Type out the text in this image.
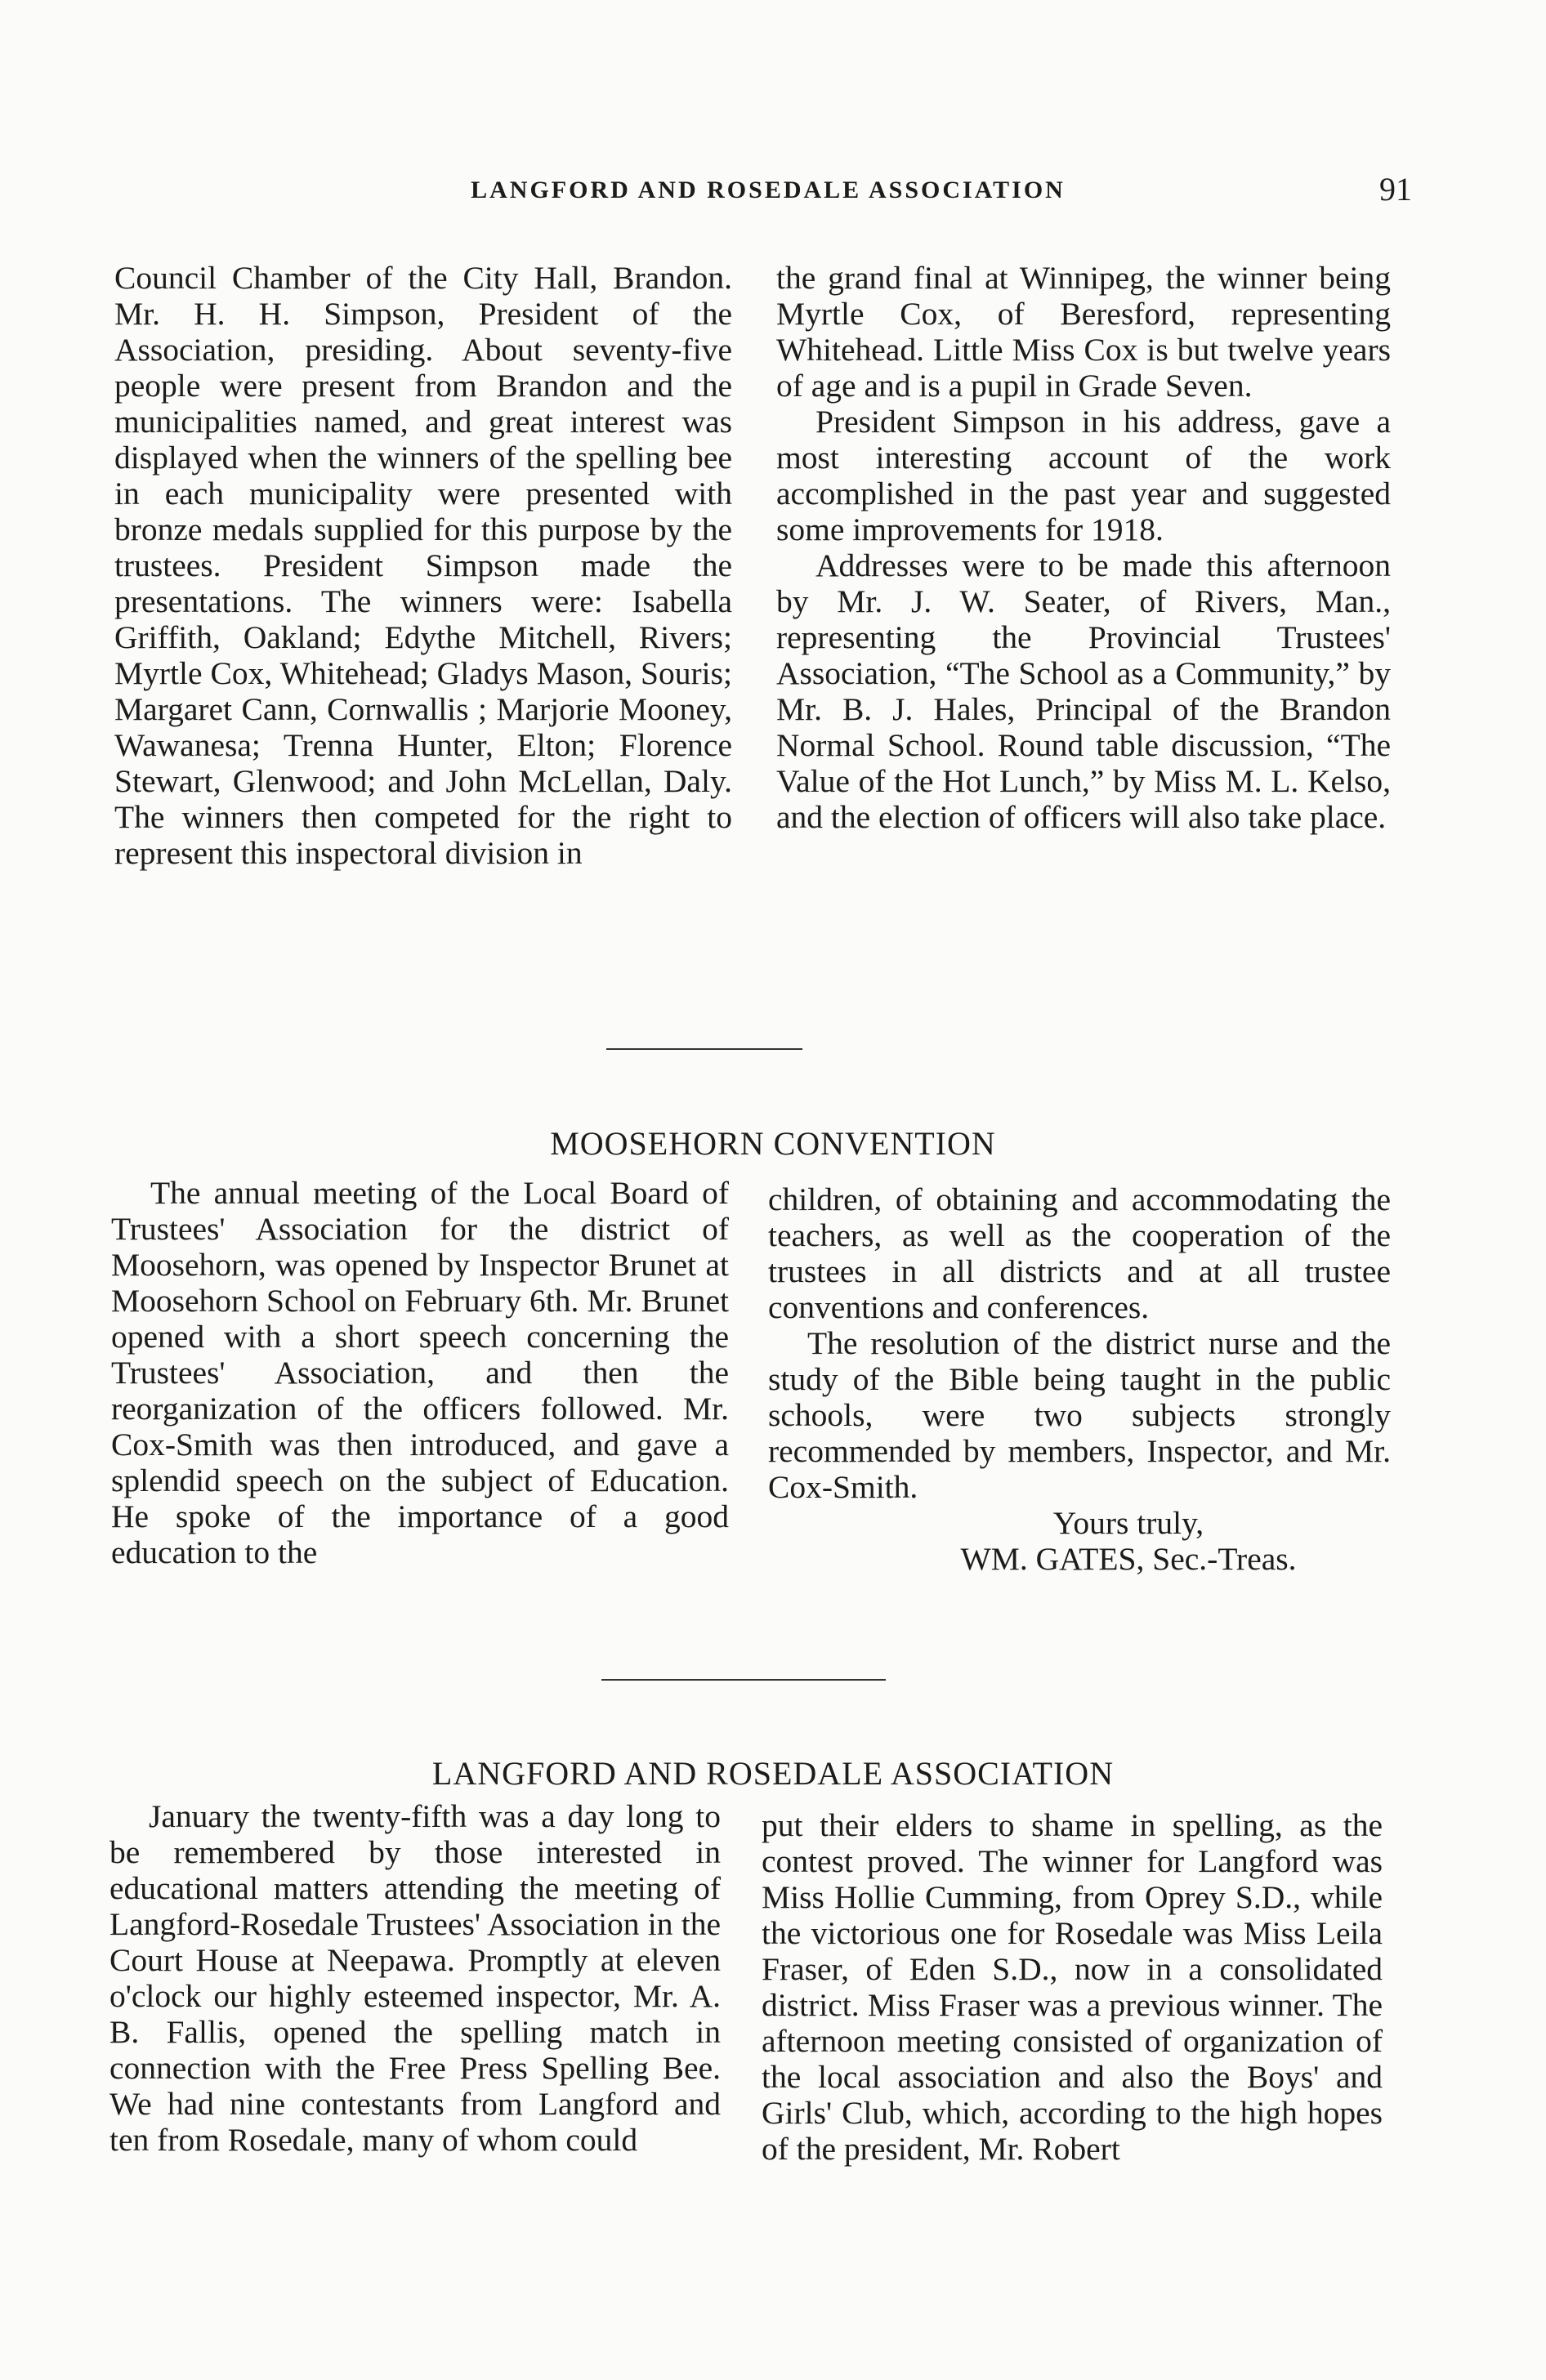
LANGFORD AND ROSEDALE ASSOCIATION	91

Council Chamber of the City Hall, Brandon. Mr. H. H. Simpson, President of the Association, presiding. About seventy-five people were present from Brandon and the municipalities named, and great interest was displayed when the winners of the spelling bee in each municipality were presented with bronze medals supplied for this purpose by the trustees. President Simpson made the presentations. The winners were: Isabella Griffith, Oakland; Edythe Mitchell, Rivers; Myrtle Cox, Whitehead; Gladys Mason, Souris; Margaret Cann, Cornwallis ; Marjorie Mooney, Wawanesa; Trenna Hunter, Elton; Florence Stewart, Glenwood; and John McLellan, Daly. The winners then competed for the right to represent this inspectoral division in

the grand final at Winnipeg, the winner being Myrtle Cox, of Beresford, representing Whitehead. Little Miss Cox is but twelve years of age and is a pupil in Grade Seven.

President Simpson in his address, gave a most interesting account of the work accomplished in the past year and suggested some improvements for 1918.

Addresses were to be made this afternoon by Mr. J. W. Seater, of Rivers, Man., representing the Provincial Trustees' Association, “The School as a Community,” by Mr. B. J. Hales, Principal of the Brandon Normal School. Round table discussion, “The Value of the Hot Lunch,” by Miss M. L. Kelso, and the election of officers will also take place.

MOOSEHORN CONVENTION

The annual meeting of the Local Board of Trustees' Association for the district of Moosehorn, was opened by Inspector Brunet at Moosehorn School on February 6th. Mr. Brunet opened with a short speech concerning the Trustees' Association, and then the reorganization of the officers followed. Mr. Cox-Smith was then introduced, and gave a splendid speech on the subject of Education. He spoke of the importance of a good education to the

children, of obtaining and accommodating the teachers, as well as the cooperation of the trustees in all districts and at all trustee conventions and conferences.

The resolution of the district nurse and the study of the Bible being taught in the public schools, were two subjects strongly recommended by members, Inspector, and Mr. Cox-Smith.

Yours truly,
WM. GATES, Sec.-Treas.
LANGFORD AND ROSEDALE ASSOCIATION

January the twenty-fifth was a day long to be remembered by those interested in educational matters attending the meeting of Langford-Rosedale Trustees' Association in the Court House at Neepawa. Promptly at eleven o'clock our highly esteemed inspector, Mr. A. B. Fallis, opened the spelling match in connection with the Free Press Spelling Bee. We had nine contestants from Langford and ten from Rosedale, many of whom could

put their elders to shame in spelling, as the contest proved. The winner for Langford was Miss Hollie Cumming, from Oprey S.D., while the victorious one for Rosedale was Miss Leila Fraser, of Eden S.D., now in a consolidated district. Miss Fraser was a previous winner. The afternoon meeting consisted of organization of the local association and also the Boys' and Girls' Club, which, according to the high hopes of the president, Mr. Robert
